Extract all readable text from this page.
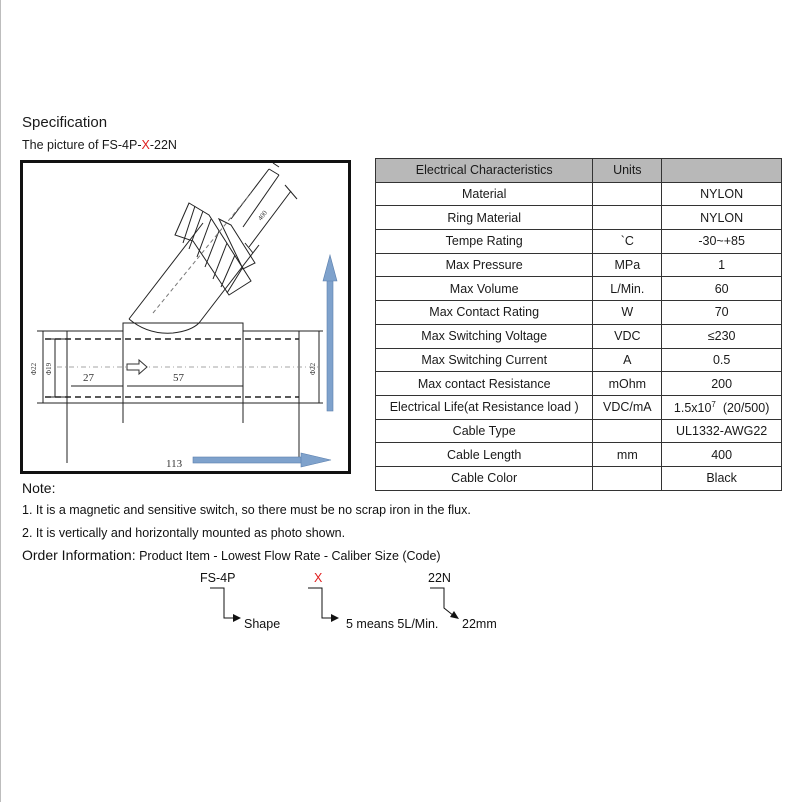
Specification
The picture of FS-4P-X-22N
400
Φ22 Φ19	Φ22
27	57
113
Electrical Characteristics	Units	
Material		NYLON
Ring Material		NYLON
Tempe Rating	`C	-30~+85
Max Pressure	MPa	1
Max Volume	L/Min.	60
Max Contact Rating	W	70
Max Switching Voltage	VDC	≤230
Max Switching Current	A	0.5
Max contact Resistance	mOhm	200
Electrical Life(at Resistance load )	VDC/mA	$1.5x10^7$  (20/500)
Cable Type		UL1332-AWG22
Cable Length	mm	400
Cable Color		Black
Note:
1. It is a magnetic and sensitive switch, so there must be no scrap iron in the flux.
2. It is vertically and horizontally mounted as photo shown.
Order Information: Product Item - Lowest Flow Rate - Caliber Size (Code)
FS-4P	X	22N
Shape	5 means 5L/Min. 22mm
